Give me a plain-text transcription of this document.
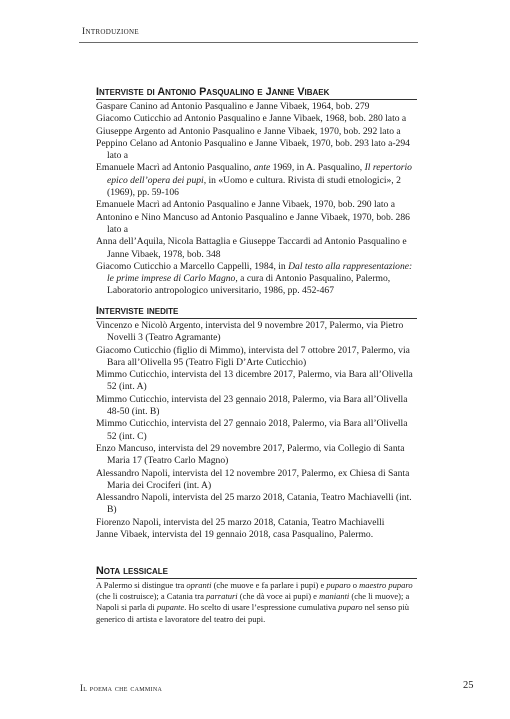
Introduzione
Interviste di Antonio Pasqualino e Janne Vibaek

Gaspare Canino ad Antonio Pasqualino e Janne Vibaek, 1964, bob. 279

Giacomo Cuticchio ad Antonio Pasqualino e Janne Vibaek, 1968, bob. 280 lato a

Giuseppe Argento ad Antonio Pasqualino e Janne Vibaek, 1970, bob. 292 lato a

Peppino Celano ad Antonio Pasqualino e Janne Vibaek, 1970, bob. 293 lato a-294 lato a

Emanuele Macrì ad Antonio Pasqualino, ante 1969, in A. Pasqualino, Il repertorio epico dell’opera dei pupi, in «Uomo e cultura. Rivista di studi etnologici», 2 (1969), pp. 59-106

Emanuele Macrì ad Antonio Pasqualino e Janne Vibaek, 1970, bob. 290 lato a

Antonino e Nino Mancuso ad Antonio Pasqualino e Janne Vibaek, 1970, bob. 286 lato a

Anna dell’Aquila, Nicola Battaglia e Giuseppe Taccardi ad Antonio Pasqualino e Janne Vibaek, 1978, bob. 348

Giacomo Cuticchio a Marcello Cappelli, 1984, in Dal testo alla rappresentazione: le prime imprese di Carlo Magno, a cura di Antonio Pasqualino, Palermo, Laboratorio antropologico universitario, 1986, pp. 452-467

Interviste inedite

Vincenzo e Nicolò Argento, intervista del 9 novembre 2017, Palermo, via Pietro Novelli 3 (Teatro Agramante)

Giacomo Cuticchio (figlio di Mimmo), intervista del 7 ottobre 2017, Palermo, via Bara all’Olivella 95 (Teatro Figli D’Arte Cuticchio)

Mimmo Cuticchio, intervista del 13 dicembre 2017, Palermo, via Bara all’Olivella 52 (int. A)

Mimmo Cuticchio, intervista del 23 gennaio 2018, Palermo, via Bara all’Olivella 48-50 (int. B)

Mimmo Cuticchio, intervista del 27 gennaio 2018, Palermo, via Bara all’Olivella 52 (int. C)

Enzo Mancuso, intervista del 29 novembre 2017, Palermo, via Collegio di Santa Maria 17 (Teatro Carlo Magno)

Alessandro Napoli, intervista del 12 novembre 2017, Palermo, ex Chiesa di Santa Maria dei Crociferi (int. A)

Alessandro Napoli, intervista del 25 marzo 2018, Catania, Teatro Machiavelli (int. B)

Fiorenzo Napoli, intervista del 25 marzo 2018, Catania, Teatro Machiavelli

Janne Vibaek, intervista del 19 gennaio 2018, casa Pasqualino, Palermo.

Nota lessicale

A Palermo si distingue tra opranti (che muove e fa parlare i pupi) e puparo o maestro puparo (che li costruisce); a Catania tra parraturi (che dà voce ai pupi) e manianti (che li muove); a Napoli si parla di pupante. Ho scelto di usare l’espressione cumulativa puparo nel senso più generico di artista e lavoratore del teatro dei pupi.

Il poema che cammina	25
